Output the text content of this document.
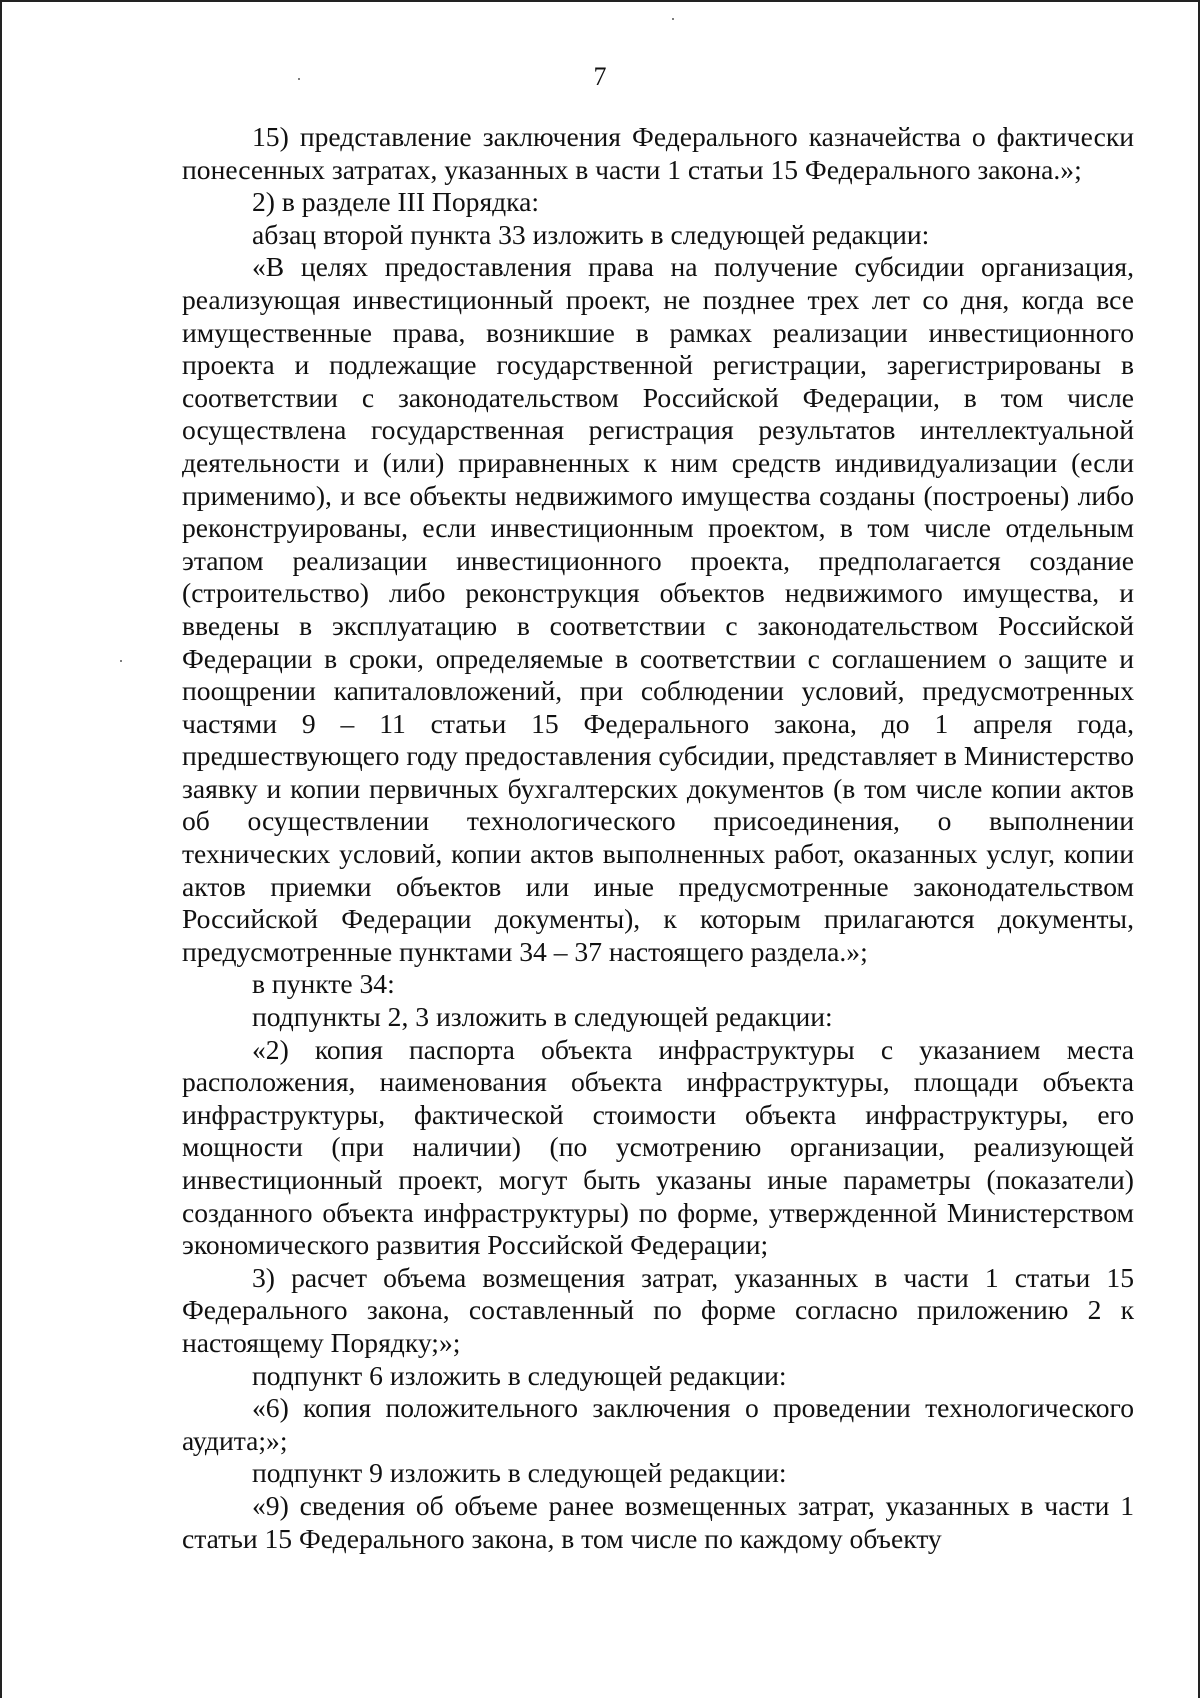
7

15) представление заключения Федерального казначейства о фактически понесенных затратах, указанных в части 1 статьи 15 Федерального закона.»;

2) в разделе III Порядка:

абзац второй пункта 33 изложить в следующей редакции:

«В целях предоставления права на получение субсидии организация, реализующая инвестиционный проект, не позднее трех лет со дня, когда все имущественные права, возникшие в рамках реализации инвестиционного проекта и подлежащие государственной регистрации, зарегистрированы в соответствии с законодательством Российской Федерации, в том числе осуществлена государственная регистрация результатов интеллектуальной деятельности и (или) приравненных к ним средств индивидуализации (если применимо), и все объекты недвижимого имущества созданы (построены) либо реконструированы, если инвестиционным проектом, в том числе отдельным этапом реализации инвестиционного проекта, предполагается создание (строительство) либо реконструкция объектов недвижимого имущества, и введены в эксплуатацию в соответствии с законодательством Российской Федерации в сроки, определяемые в соответствии с соглашением о защите и поощрении капиталовложений, при соблюдении условий, предусмотренных частями 9 – 11 статьи 15 Федерального закона, до 1 апреля года, предшествующего году предоставления субсидии, представляет в Министерство заявку и копии первичных бухгалтерских документов (в том числе копии актов об осуществлении технологического присоединения, о выполнении технических условий, копии актов выполненных работ, оказанных услуг, копии актов приемки объектов или иные предусмотренные законодательством Российской Федерации документы), к которым прилагаются документы, предусмотренные пунктами 34 – 37 настоящего раздела.»;

в пункте 34:

подпункты 2, 3 изложить в следующей редакции:

«2) копия паспорта объекта инфраструктуры с указанием места расположения, наименования объекта инфраструктуры, площади объекта инфраструктуры, фактической стоимости объекта инфраструктуры, его мощности (при наличии) (по усмотрению организации, реализующей инвестиционный проект, могут быть указаны иные параметры (показатели) созданного объекта инфраструктуры) по форме, утвержденной Министерством экономического развития Российской Федерации;

3) расчет объема возмещения затрат, указанных в части 1 статьи 15 Федерального закона, составленный по форме согласно приложению 2 к настоящему Порядку;»;

подпункт 6 изложить в следующей редакции:

«6) копия положительного заключения о проведении технологического аудита;»;

подпункт 9 изложить в следующей редакции:

«9) сведения об объеме ранее возмещенных затрат, указанных в части 1 статьи 15 Федерального закона, в том числе по каждому объекту
